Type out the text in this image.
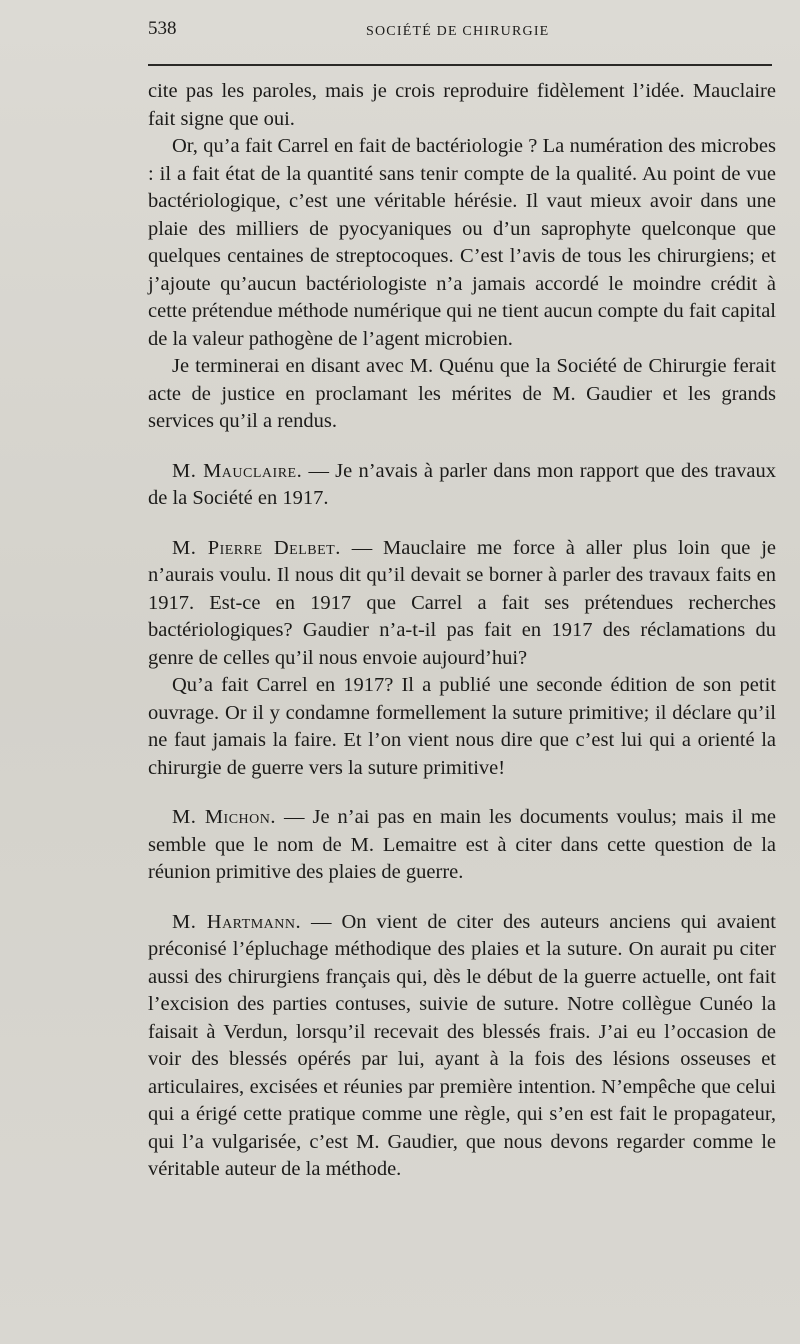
538	SOCIÉTÉ DE CHIRURGIE

cite pas les paroles, mais je crois reproduire fidèlement l’idée. Mauclaire fait signe que oui.

Or, qu’a fait Carrel en fait de bactériologie ? La numération des microbes : il a fait état de la quantité sans tenir compte de la qualité. Au point de vue bactériologique, c’est une véritable hérésie. Il vaut mieux avoir dans une plaie des milliers de pyocyaniques ou d’un saprophyte quelconque que quelques centaines de streptocoques. C’est l’avis de tous les chirurgiens; et j’ajoute qu’aucun bactériologiste n’a jamais accordé le moindre crédit à cette prétendue méthode numérique qui ne tient aucun compte du fait capital de la valeur pathogène de l’agent microbien.

Je terminerai en disant avec M. Quénu que la Société de Chirurgie ferait acte de justice en proclamant les mérites de M. Gaudier et les grands services qu’il a rendus.

M. Mauclaire. — Je n’avais à parler dans mon rapport que des travaux de la Société en 1917.

M. Pierre Delbet. — Mauclaire me force à aller plus loin que je n’aurais voulu. Il nous dit qu’il devait se borner à parler des travaux faits en 1917. Est-ce en 1917 que Carrel a fait ses prétendues recherches bactériologiques? Gaudier n’a-t-il pas fait en 1917 des réclamations du genre de celles qu’il nous envoie aujourd’hui?

Qu’a fait Carrel en 1917? Il a publié une seconde édition de son petit ouvrage. Or il y condamne formellement la suture primitive; il déclare qu’il ne faut jamais la faire. Et l’on vient nous dire que c’est lui qui a orienté la chirurgie de guerre vers la suture primitive!

M. Michon. — Je n’ai pas en main les documents voulus; mais il me semble que le nom de M. Lemaitre est à citer dans cette question de la réunion primitive des plaies de guerre.

M. Hartmann. — On vient de citer des auteurs anciens qui avaient préconisé l’épluchage méthodique des plaies et la suture. On aurait pu citer aussi des chirurgiens français qui, dès le début de la guerre actuelle, ont fait l’excision des parties contuses, suivie de suture. Notre collègue Cunéo la faisait à Verdun, lorsqu’il recevait des blessés frais. J’ai eu l’occasion de voir des blessés opérés par lui, ayant à la fois des lésions osseuses et articulaires, excisées et réunies par première intention. N’empêche que celui qui a érigé cette pratique comme une règle, qui s’en est fait le propagateur, qui l’a vulgarisée, c’est M. Gaudier, que nous devons regarder comme le véritable auteur de la méthode.
